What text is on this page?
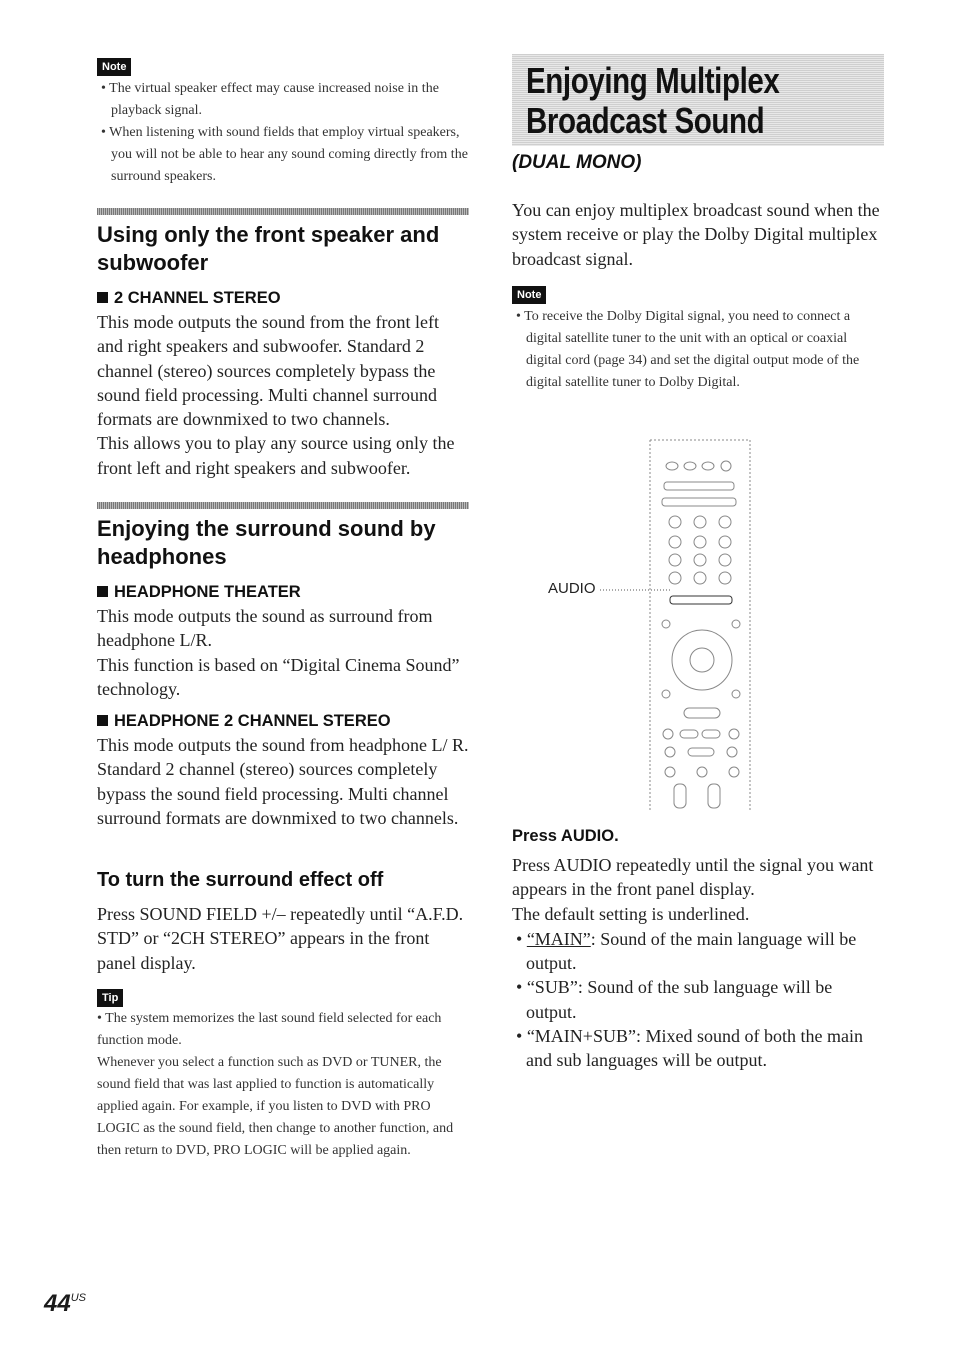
Note
• The virtual speaker effect may cause increased noise in the playback signal.
• When listening with sound fields that employ virtual speakers, you will not be able to hear any sound coming directly from the surround speakers.
Using only the front speaker and subwoofer
2 CHANNEL STEREO

This mode outputs the sound from the front left and right speakers and subwoofer. Standard 2 channel (stereo) sources completely bypass the sound field processing. Multi channel surround formats are downmixed to two channels.

This allows you to play any source using only the front left and right speakers and subwoofer.

Enjoying the surround sound by headphones
HEADPHONE THEATER

This mode outputs the sound as surround from headphone L/R.

This function is based on “Digital Cinema Sound” technology.

HEADPHONE 2 CHANNEL STEREO

This mode outputs the sound from headphone L/ R. Standard 2 channel (stereo) sources completely bypass the sound field processing. Multi channel surround formats are downmixed to two channels.

To turn the surround effect off

Press SOUND FIELD +/– repeatedly until “A.F.D. STD” or “2CH STEREO” appears in the front panel display.

Tip

• The system memorizes the last sound field selected for each function mode.

Whenever you select a function such as DVD or TUNER, the sound field that was last applied to function is automatically applied again. For example, if you listen to DVD with PRO LOGIC as the sound field, then change to another function, and then return to DVD, PRO LOGIC will be applied again.

$44^{US}$
Enjoying Multiplex
Broadcast Sound
(DUAL MONO)

You can enjoy multiplex broadcast sound when the system receive or play the Dolby Digital multiplex broadcast signal.

Note
• To receive the Dolby Digital signal, you need to connect a digital satellite tuner to the unit with an optical or coaxial digital cord (page 34) and set the digital output mode of the digital satellite tuner to Dolby Digital.
AUDIO
Press AUDIO.

Press AUDIO repeatedly until the signal you want appears in the front panel display.

The default setting is underlined.

• “MAIN”: Sound of the main language will be output.
• “SUB”: Sound of the sub language will be output.
• “MAIN+SUB”: Mixed sound of both the main and sub languages will be output.
